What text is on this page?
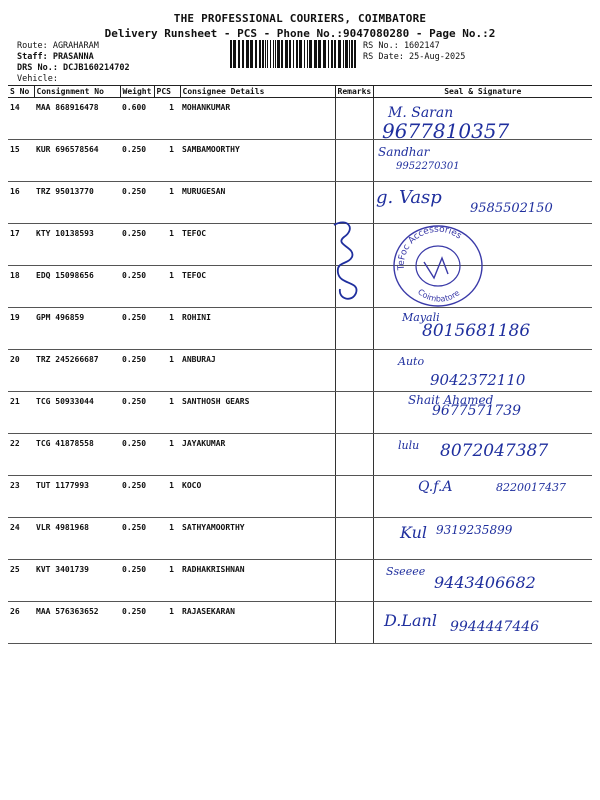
THE PROFESSIONAL COURIERS, COIMBATORE
Delivery Runsheet - PCS - Phone No.:9047080280 - Page No.:2
Route: AGRAHARAM
Staff: PRASANNA
DRS No.: DCJB160214702
RS No.: 1602147
RS Date: 25-Aug-2025
Vehicle:
S No	Consignment No	Weight	PCS	Consignee Details	Remarks	Seal & Signature
14	MAA 868916478	0.600	1	MOHANKUMAR		
15	KUR 696578564	0.250	1	SAMBAMOORTHY		
16	TRZ 95013770	0.250	1	MURUGESAN		
17	KTY 10138593	0.250	1	TEFOC		
18	EDQ 15098656	0.250	1	TEFOC		
19	GPM 496859	0.250	1	ROHINI		
20	TRZ 245266687	0.250	1	ANBURAJ		
21	TCG 50933044	0.250	1	SANTHOSH GEARS		
22	TCG 41878558	0.250	1	JAYAKUMAR		
23	TUT 1177993	0.250	1	KOCO		
24	VLR 4981968	0.250	1	SATHYAMOORTHY		
25	KVT 3401739	0.250	1	RADHAKRISHNAN		
26	MAA 576363652	0.250	1	RAJASEKARAN		
M. Saran
9677810357
Sandhar
9952270301
g. Vasp
9585502150
Mayali
8015681186
Auto
9042372110
Shait Ahamed
9677571739
lulu 8072047387
Q.f.A	8220017437
Kul 9319235899
Sseeee
9443406682
D.Lanl 9944447446
TeFoc Accessories
Coimbatore
